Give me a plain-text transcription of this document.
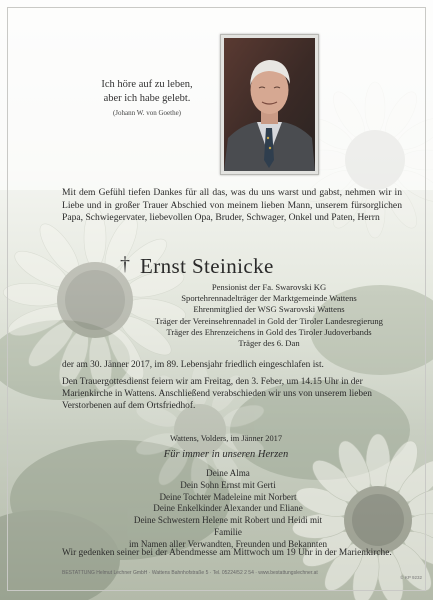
Ich höre auf zu leben,

aber ich habe gelebt.

(Johann W. von Goethe)

Mit dem Gefühl tiefen Dankes für all das, was du uns warst und gabst, nehmen wir in Liebe und in großer Trauer Abschied von meinem lieben Mann, unserem fürsorglichen Papa, Schwiegervater, liebevollen Opa, Bruder, Schwager, Onkel und Paten, Herrn

† Ernst Steinicke

Pensionist der Fa. Swarovski KG

Sportehrennadelträger der Marktgemeinde Wattens

Ehrenmitglied der WSG Swarovski Wattens

Träger der Vereinsehrennadel in Gold der Tiroler Landesregierung

Träger des Ehrenzeichens in Gold des Tiroler Judoverbands

Träger des 6. Dan

der am 30. Jänner 2017, im 89. Lebensjahr friedlich eingeschlafen ist.

Den Trauergottesdienst feiern wir am Freitag, den 3. Feber, um 14.15 Uhr in der Marienkirche in Wattens. Anschließend verabschieden wir uns von unserem lieben Verstorbenen auf dem Ortsfriedhof.

Wattens, Volders, im Jänner 2017

Für immer in unseren Herzen

Deine Alma

Dein Sohn Ernst mit Gerti

Deine Tochter Madeleine mit Norbert

Deine Enkelkinder Alexander und Eliane

Deine Schwestern Helene mit Robert und Heidi mit Familie

im Namen aller Verwandten, Freunden und Bekannten

Wir gedenken seiner bei der Abendmesse am Mittwoch um 19 Uhr in der Marienkirche.

BESTATTUNG Helmut Lechner GmbH · Wattens Bahnhofstraße 5 · Tel. 05224/52 2 54 · www.bestattungslechner.at

© KP 9232
